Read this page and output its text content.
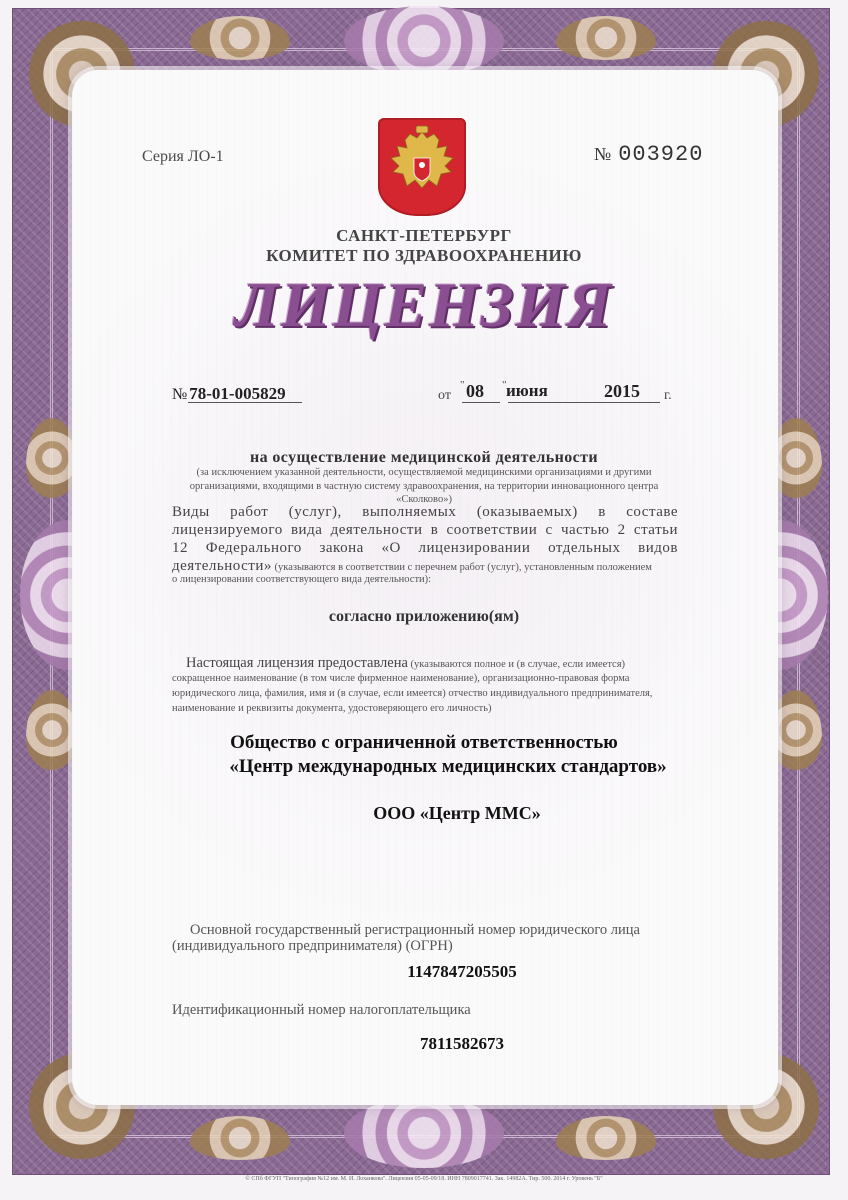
Серия ЛО-1	№ 003920
САНКТ-ПЕТЕРБУРГ
КОМИТЕТ ПО ЗДРАВООХРАНЕНИЮ
ЛИЦЕНЗИЯ
№ 78-01-005829	от
" 08 " июня	2015 г.
на осуществление медицинской деятельности
(за исключением указанной деятельности, осуществляемой медицинскими организациями и другими
организациями, входящими в частную систему здравоохранения, на территории инновационного центра
«Сколково»)
Виды работ (услуг), выполняемых (оказываемых) в составе
лицензируемого вида деятельности в соответствии с частью 2 статьи
12 Федерального закона «О лицензировании отдельных видов
деятельности» (указываются в соответствии с перечнем работ (услуг), установленным положением
о лицензировании соответствующего вида деятельности):
согласно приложению(ям)
Настоящая лицензия предоставлена (указываются полное и (в случае, если имеется)
сокращенное наименование (в том числе фирменное наименование), организационно-правовая форма
юридического лица, фамилия, имя и (в случае, если имеется) отчество индивидуального предпринимателя,
наименование и реквизиты документа, удостоверяющего его личность)
Общество с ограниченной ответственностью
«Центр международных медицинских стандартов»
ООО «Центр ММС»
Основной государственный регистрационный номер юридического лица
(индивидуального предпринимателя) (ОГРН)
1147847205505
Идентификационный номер налогоплательщика
7811582673
© СПб ФГУП "Типография №12 им. М. И. Лоханкова". Лицензия 05-05-09/18. ИНН 7809017741. Зак. 14982А. Тир. 500. 2014 г. Уровень "Б"
